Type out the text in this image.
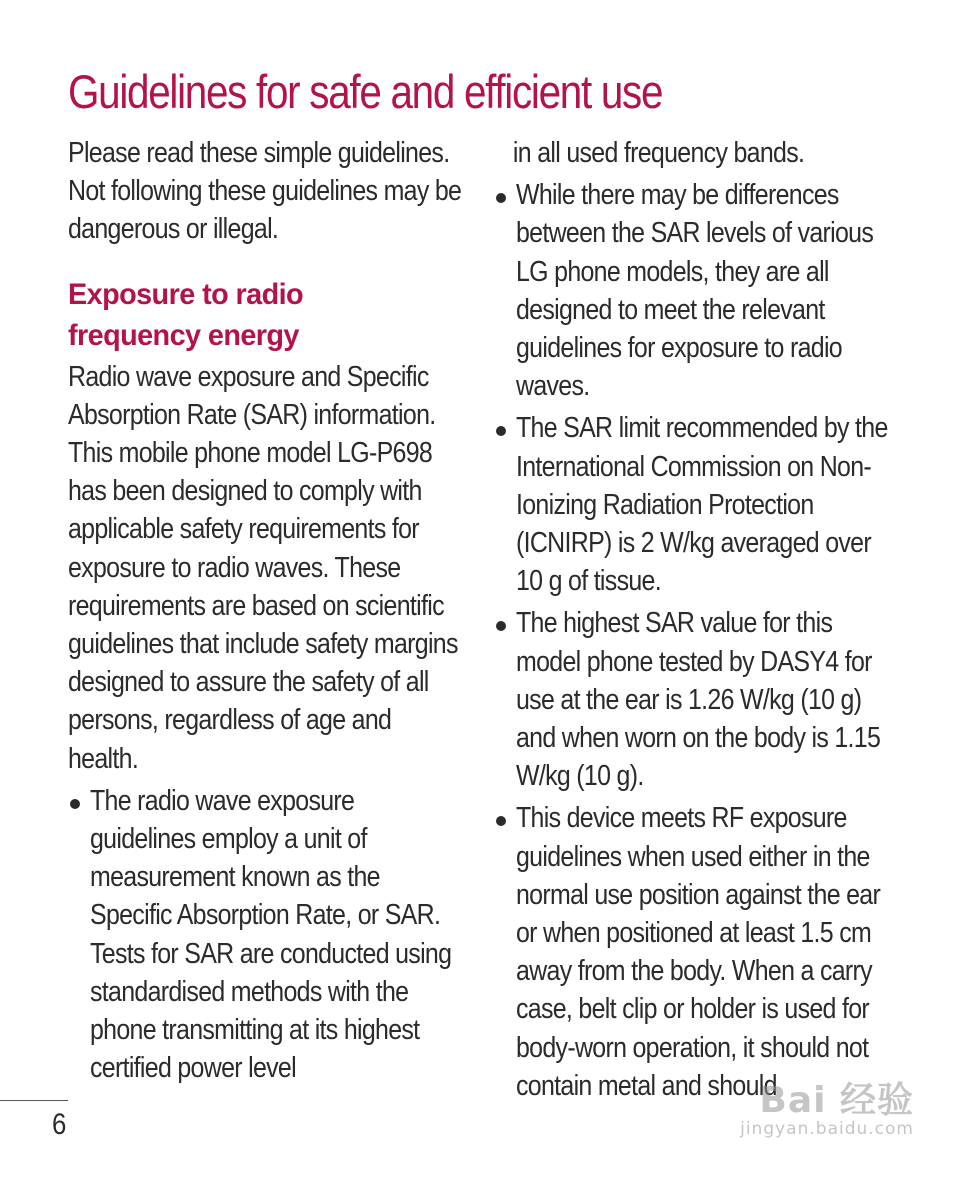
Guidelines for safe and efficient use

Please read these simple guidelines. Not following these guidelines may be dangerous or illegal.

Exposure to radio
frequency energy

Radio wave exposure and Specific Absorption Rate (SAR) information. This mobile phone model LG-P698 has been designed to comply with applicable safety requirements for exposure to radio waves. These requirements are based on scientific guidelines that include safety margins designed to assure the safety of all persons, regardless of age and health.

The radio wave exposure guidelines employ a unit of measurement known as the Specific Absorption Rate, or SAR. Tests for SAR are conducted using standardised methods with the phone transmitting at its highest certified power level

in all used frequency bands.

While there may be differences between the SAR levels of various LG phone models, they are all designed to meet the relevant guidelines for exposure to radio waves.

The SAR limit recommended by the International Commission on Non-Ionizing Radiation Protection (ICNIRP) is 2 W/kg averaged over 10 g of tissue.

The highest SAR value for this model phone tested by DASY4 for use at the ear is 1.26 W/kg (10 g) and when worn on the body is 1.15 W/kg (10 g).

This device meets RF exposure guidelines when used either in the normal use position against the ear or when positioned at least 1.5 cm away from the body. When a carry case, belt clip or holder is used for body-worn operation, it should not contain metal and should

6
Bai 经验
jingyan.baidu.com
